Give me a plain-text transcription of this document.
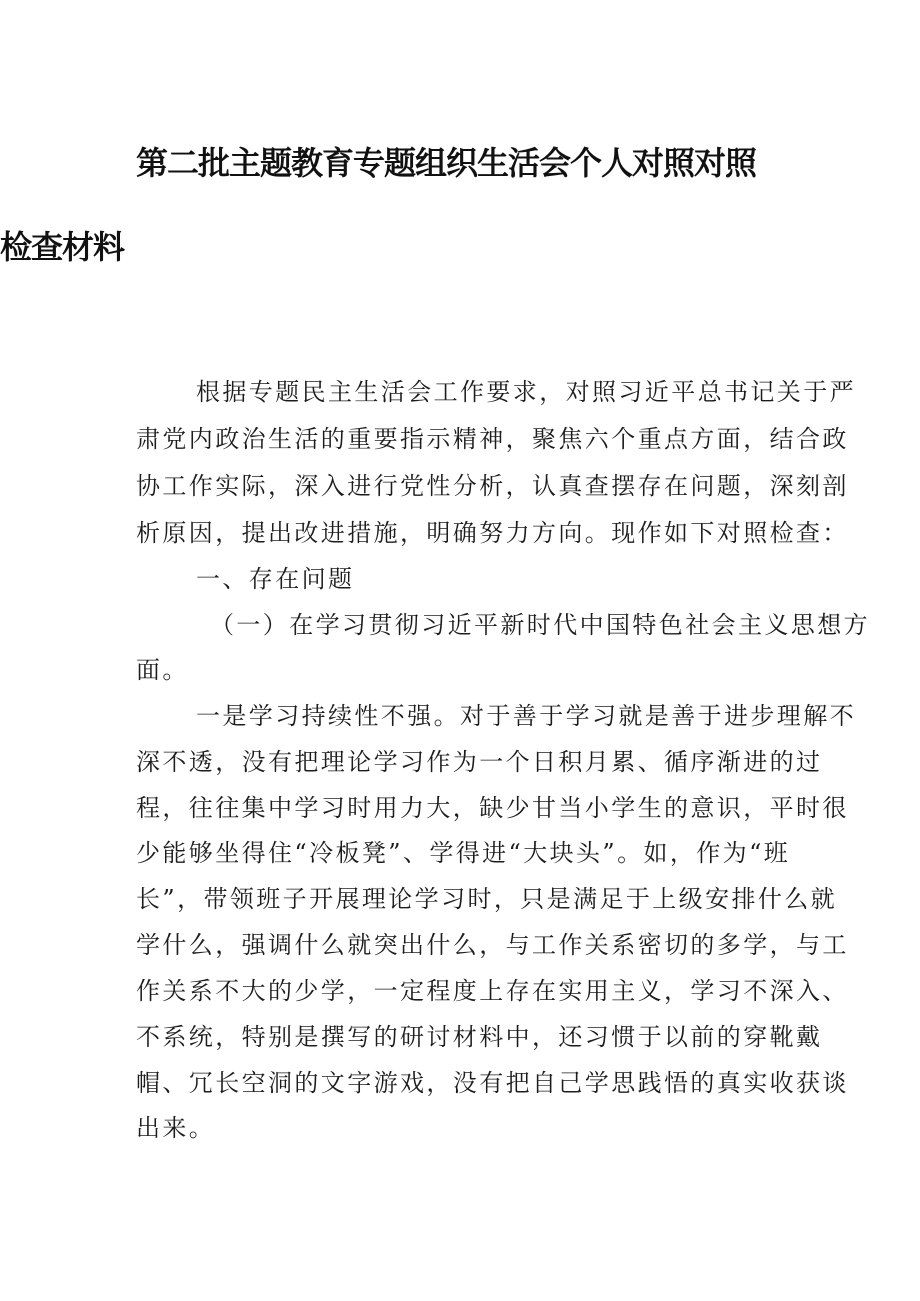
第二批主题教育专题组织生活会个人对照对照
检查材料
根据专题民主生活会工作要求，对照习近平总书记关于严
肃党内政治生活的重要指示精神，聚焦六个重点方面，结合政
协工作实际，深入进行党性分析，认真查摆存在问题，深刻剖
析原因，提出改进措施，明确努力方向。现作如下对照检查：
一、存在问题
（一）在学习贯彻习近平新时代中国特色社会主义思想方
面。
一是学习持续性不强。对于善于学习就是善于进步理解不
深不透，没有把理论学习作为一个日积月累、循序渐进的过
程，往往集中学习时用力大，缺少甘当小学生的意识，平时很
少能够坐得住“冷板凳”、学得进“大块头”。如，作为“班
长”，带领班子开展理论学习时，只是满足于上级安排什么就
学什么，强调什么就突出什么，与工作关系密切的多学，与工
作关系不大的少学，一定程度上存在实用主义，学习不深入、
不系统，特别是撰写的研讨材料中，还习惯于以前的穿靴戴
帽、冗长空洞的文字游戏，没有把自己学思践悟的真实收获谈
出来。
